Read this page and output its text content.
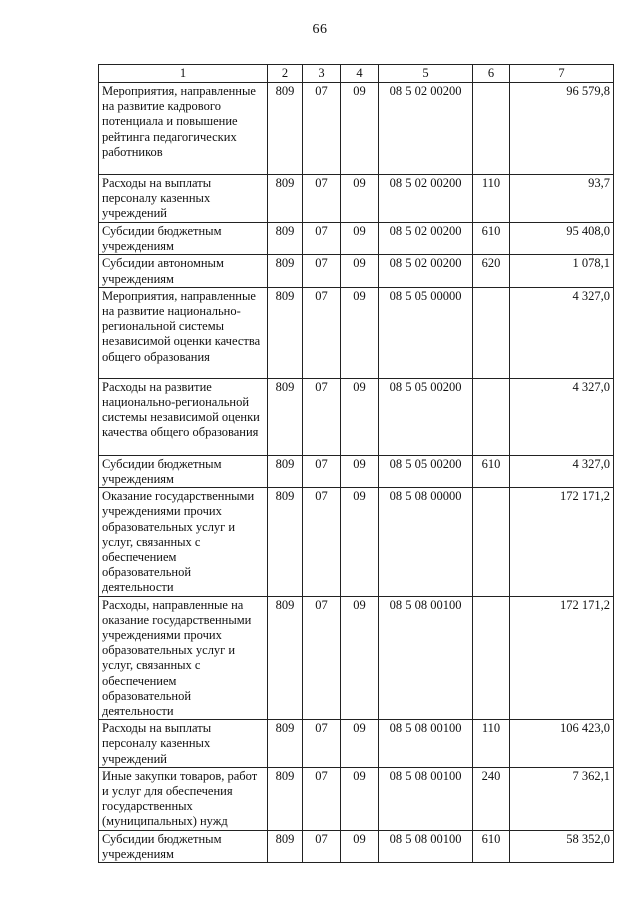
66
1	2	3	4	5	6	7
Мероприятия, направленные на развитие кадрового потенциала и повышение рейтинга педагогических работников	809	07	09	08 5 02 00200		96 579,8
Расходы на выплаты персоналу казенных учреждений	809	07	09	08 5 02 00200	110	93,7
Субсидии бюджетным учреждениям	809	07	09	08 5 02 00200	610	95 408,0
Субсидии автономным учреждениям	809	07	09	08 5 02 00200	620	1 078,1
Мероприятия, направленные на развитие национально-региональной системы независимой оценки качества общего образования	809	07	09	08 5 05 00000		4 327,0
Расходы на развитие национально-региональной системы независимой оценки качества общего образования	809	07	09	08 5 05 00200		4 327,0
Субсидии бюджетным учреждениям	809	07	09	08 5 05 00200	610	4 327,0
Оказание государственными учреждениями прочих образовательных услуг и услуг, связанных с обеспечением образовательной деятельности	809	07	09	08 5 08 00000		172 171,2
Расходы, направленные на оказание государственными учреждениями прочих образовательных услуг и услуг, связанных с обеспечением образовательной деятельности	809	07	09	08 5 08 00100		172 171,2
Расходы на выплаты персоналу казенных учреждений	809	07	09	08 5 08 00100	110	106 423,0
Иные закупки товаров, работ и услуг для обеспечения государственных (муниципальных) нужд	809	07	09	08 5 08 00100	240	7 362,1
Субсидии бюджетным учреждениям	809	07	09	08 5 08 00100	610	58 352,0
